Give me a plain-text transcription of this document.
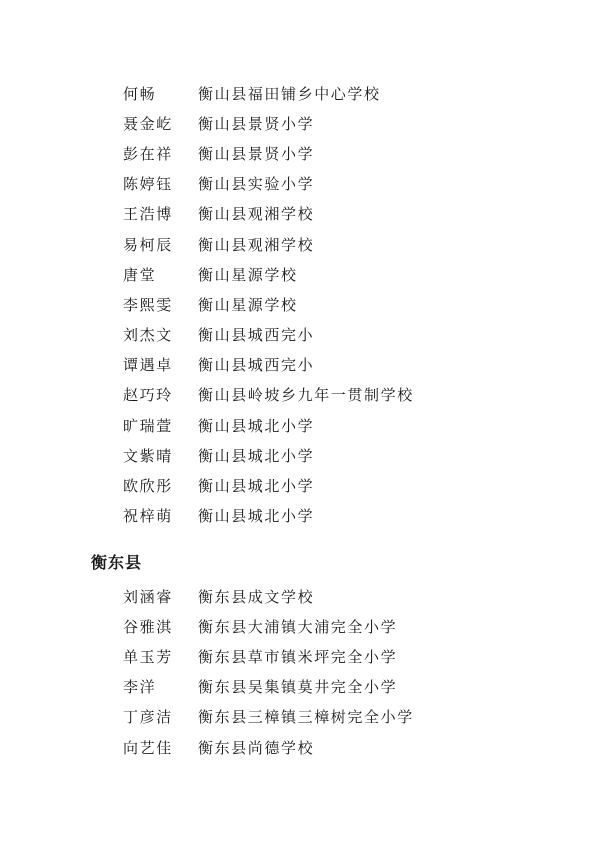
何畅	衡山县福田铺乡中心学校
聂金屹	衡山县景贤小学
彭在祥	衡山县景贤小学
陈婷钰	衡山县实验小学
王浩博	衡山县观湘学校
易柯辰	衡山县观湘学校
唐堂	衡山星源学校
李熙雯	衡山星源学校
刘杰文	衡山县城西完小
谭遇卓	衡山县城西完小
赵巧玲	衡山县岭坡乡九年一贯制学校
旷瑞萱	衡山县城北小学
文紫晴	衡山县城北小学
欧欣彤	衡山县城北小学
祝梓萌	衡山县城北小学
衡东县
刘涵睿	衡东县成文学校
谷雅淇	衡东县大浦镇大浦完全小学
单玉芳	衡东县草市镇米坪完全小学
李洋	衡东县吴集镇莫井完全小学
丁彦洁	衡东县三樟镇三樟树完全小学
向艺佳	衡东县尚德学校
